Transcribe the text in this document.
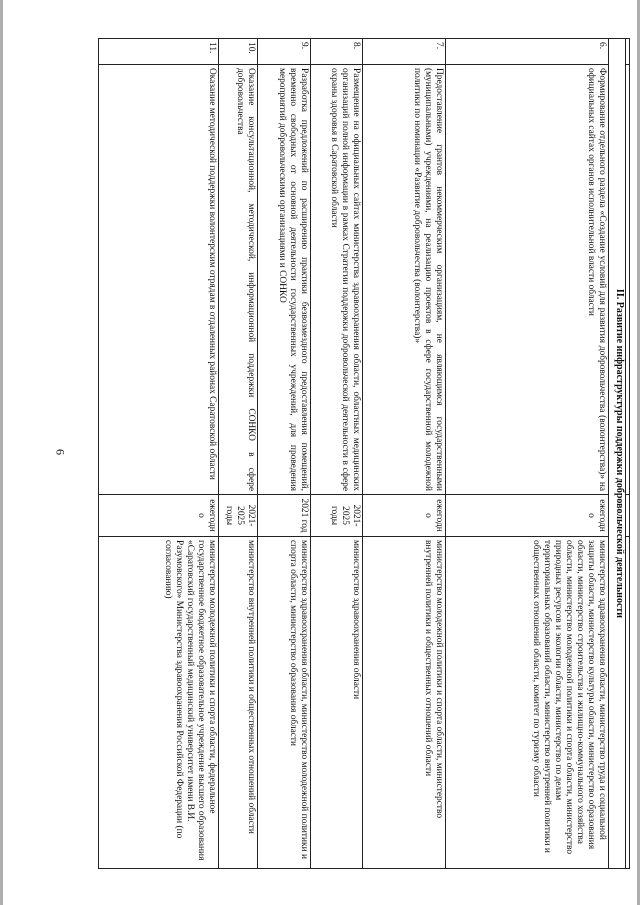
6
				II. Развитие инфраструктуры поддержки добровольческой деятельности			
6.	Формирование отдельного раздела «Создание условий для развития добровольчества (волонтерства)» на официальных сайтах органов исполнительной власти области	ежегодно	министерство здравоохранения области, министерство труда и социальной защиты области, министерство культуры области, министерство образования области, министерство строительства и жилищно-коммунального хозяйства области, министерство молодежной политики и спорта области, министерство природных ресурсов и экологии области, министерство по делам территориальных образований области, министерство внутренней политики и общественных отношений области, комитет по туризму области
7.	Предоставление грантов некоммерческим организациям, не являющимся государственными (муниципальными) учреждениями, на реализацию проектов в сфере государственной молодежной политики по номинации «Развитие добровольчества (волонтерства)»	ежегодно	министерство молодежной политики и спорта области, министерство внутренней политики и общественных отношений области
8.	Размещение на официальных сайтах министерства здравоохранения области, областных медицинских организаций полной информации в рамках Стратегии поддержки добровольческой деятельности в сфере охраны здоровья в Саратовской области	2021-2025 годы	министерство здравоохранения области
9.	Разработка предложений по расширению практики безвозмездного предоставления помещений, временно свободных от основной деятельности государственных учреждений, для проведения мероприятий добровольческими организациями и СОНКО	2021 год	министерство здравоохранения области, министерство молодежной политики и спорта области, министерство образования области
10.	Оказание консультационной, методической, информационной поддержки СОНКО в сфере добровольчества	2021-2025 годы	министерство внутренней политики и общественных отношений области
11.	Оказание методической поддержки волонтерским отрядам в отдаленных районах Саратовской области	ежегодно	министерство молодежной политики и спорта области, федеральное государственное бюджетное образовательное учреждение высшего образования «Саратовский государственный медицинский университет имени В.И. Разумовского» Министерства здравоохранения Российской Федерации (по согласованию)
